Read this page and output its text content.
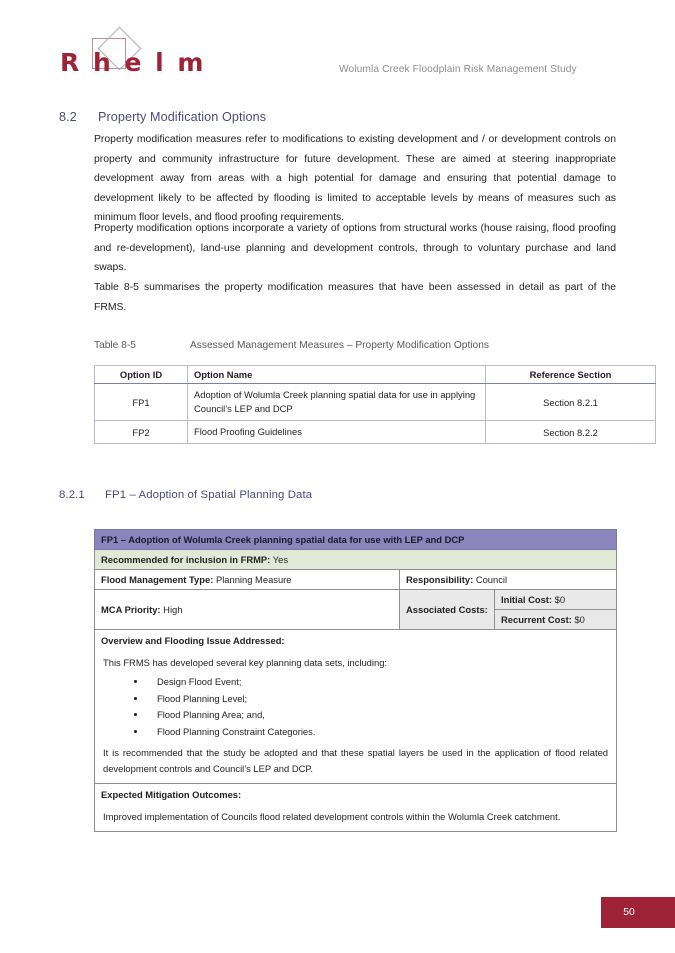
R h e l m	Wolumla Creek Floodplain Risk Management Study
8.2 Property Modification Options

Property modification measures refer to modifications to existing development and / or development controls on property and community infrastructure for future development. These are aimed at steering inappropriate development away from areas with a high potential for damage and ensuring that potential damage to development likely to be affected by flooding is limited to acceptable levels by means of measures such as minimum floor levels, and flood proofing requirements.

Property modification options incorporate a variety of options from structural works (house raising, flood proofing and re-development), land-use planning and development controls, through to voluntary purchase and land swaps.

Table 8-5 summarises the property modification measures that have been assessed in detail as part of the FRMS.

Table 8-5	Assessed Management Measures – Property Modification Options
Option ID	Option Name	Reference Section
FP1	Adoption of Wolumla Creek planning spatial data for use in applying Council’s LEP and DCP	Section 8.2.1
FP2	Flood Proofing Guidelines	Section 8.2.2
8.2.1 FP1 – Adoption of Spatial Planning Data
FP1 – Adoption of Wolumla Creek planning spatial data for use with LEP and DCP		
Recommended for inclusion in FRMP: Yes		
Flood Management Type: Planning Measure	Responsibility: Council	
MCA Priority: High	Associated Costs:	Initial Cost: $0
		Recurrent Cost: $0
Overview and Flooding Issue Addressed:		

This FRMS has developed several key planning data sets, including:
• Design Flood Event;
• Flood Planning Level;
• Flood Planning Area; and,
• Flood Planning Constraint Categories.
It is recommended that the study be adopted and that these spatial layers be used in the application of flood related development controls and Council’s LEP and DCP.

Expected Mitigation Outcomes:		

Improved implementation of Councils flood related development controls within the Wolumla Creek catchment.		
50
